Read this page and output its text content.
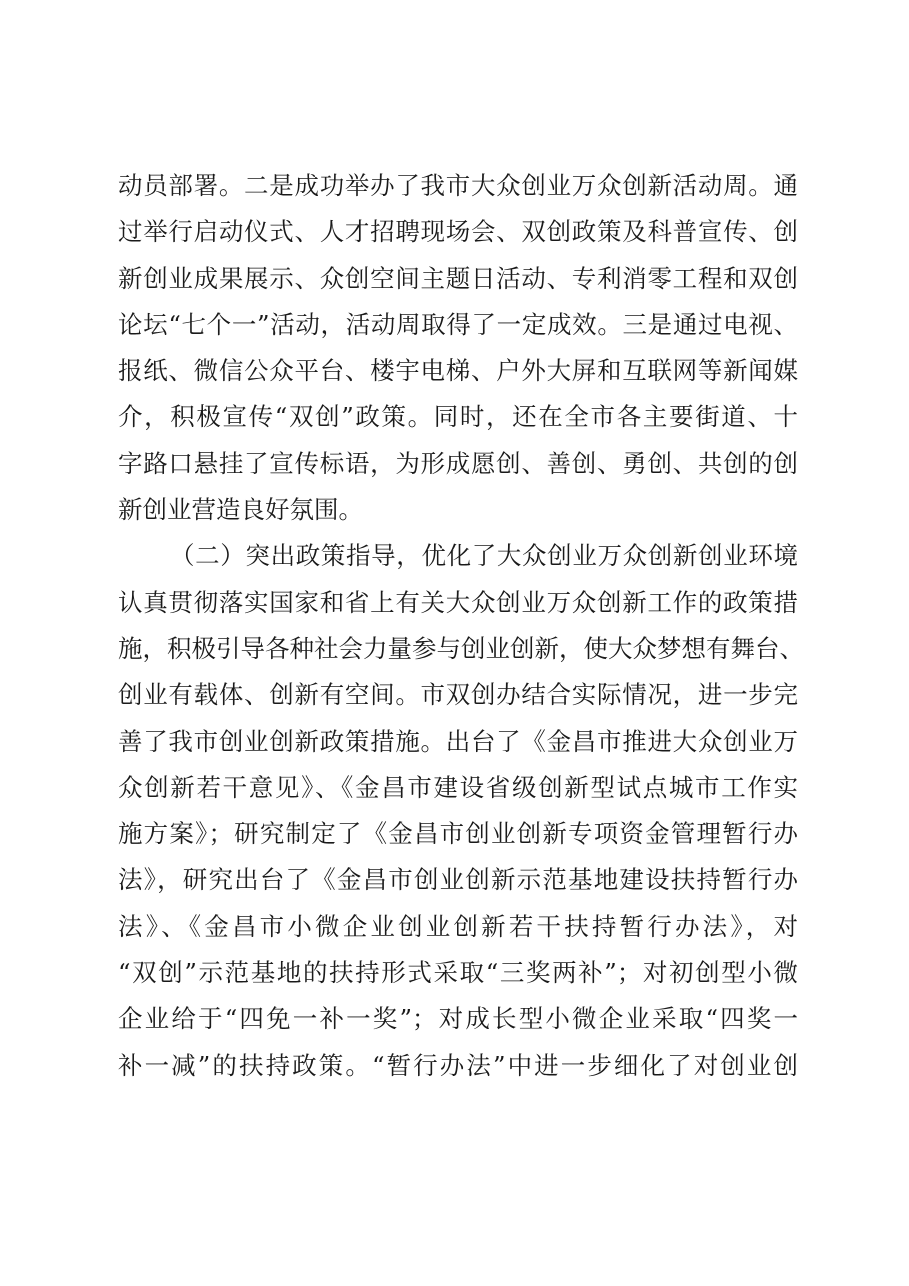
动员部署。二是成功举办了我市大众创业万众创新活动周。通
过举行启动仪式、人才招聘现场会、双创政策及科普宣传、创
新创业成果展示、众创空间主题日活动、专利消零工程和双创
论坛“七个一”活动，活动周取得了一定成效。三是通过电视、
报纸、微信公众平台、楼宇电梯、户外大屏和互联网等新闻媒
介，积极宣传“双创”政策。同时，还在全市各主要街道、十
字路口悬挂了宣传标语，为形成愿创、善创、勇创、共创的创
新创业营造良好氛围。
（二）突出政策指导，优化了大众创业万众创新创业环境
认真贯彻落实国家和省上有关大众创业万众创新工作的政策措
施，积极引导各种社会力量参与创业创新，使大众梦想有舞台、
创业有载体、创新有空间。市双创办结合实际情况，进一步完
善了我市创业创新政策措施。出台了《金昌市推进大众创业万
众创新若干意见》、《金昌市建设省级创新型试点城市工作实
施方案》；研究制定了《金昌市创业创新专项资金管理暂行办
法》，研究出台了《金昌市创业创新示范基地建设扶持暂行办
法》、《金昌市小微企业创业创新若干扶持暂行办法》，对
“双创”示范基地的扶持形式采取“三奖两补”；对初创型小微
企业给于“四免一补一奖”；对成长型小微企业采取“四奖一
补一减”的扶持政策。“暂行办法”中进一步细化了对创业创
